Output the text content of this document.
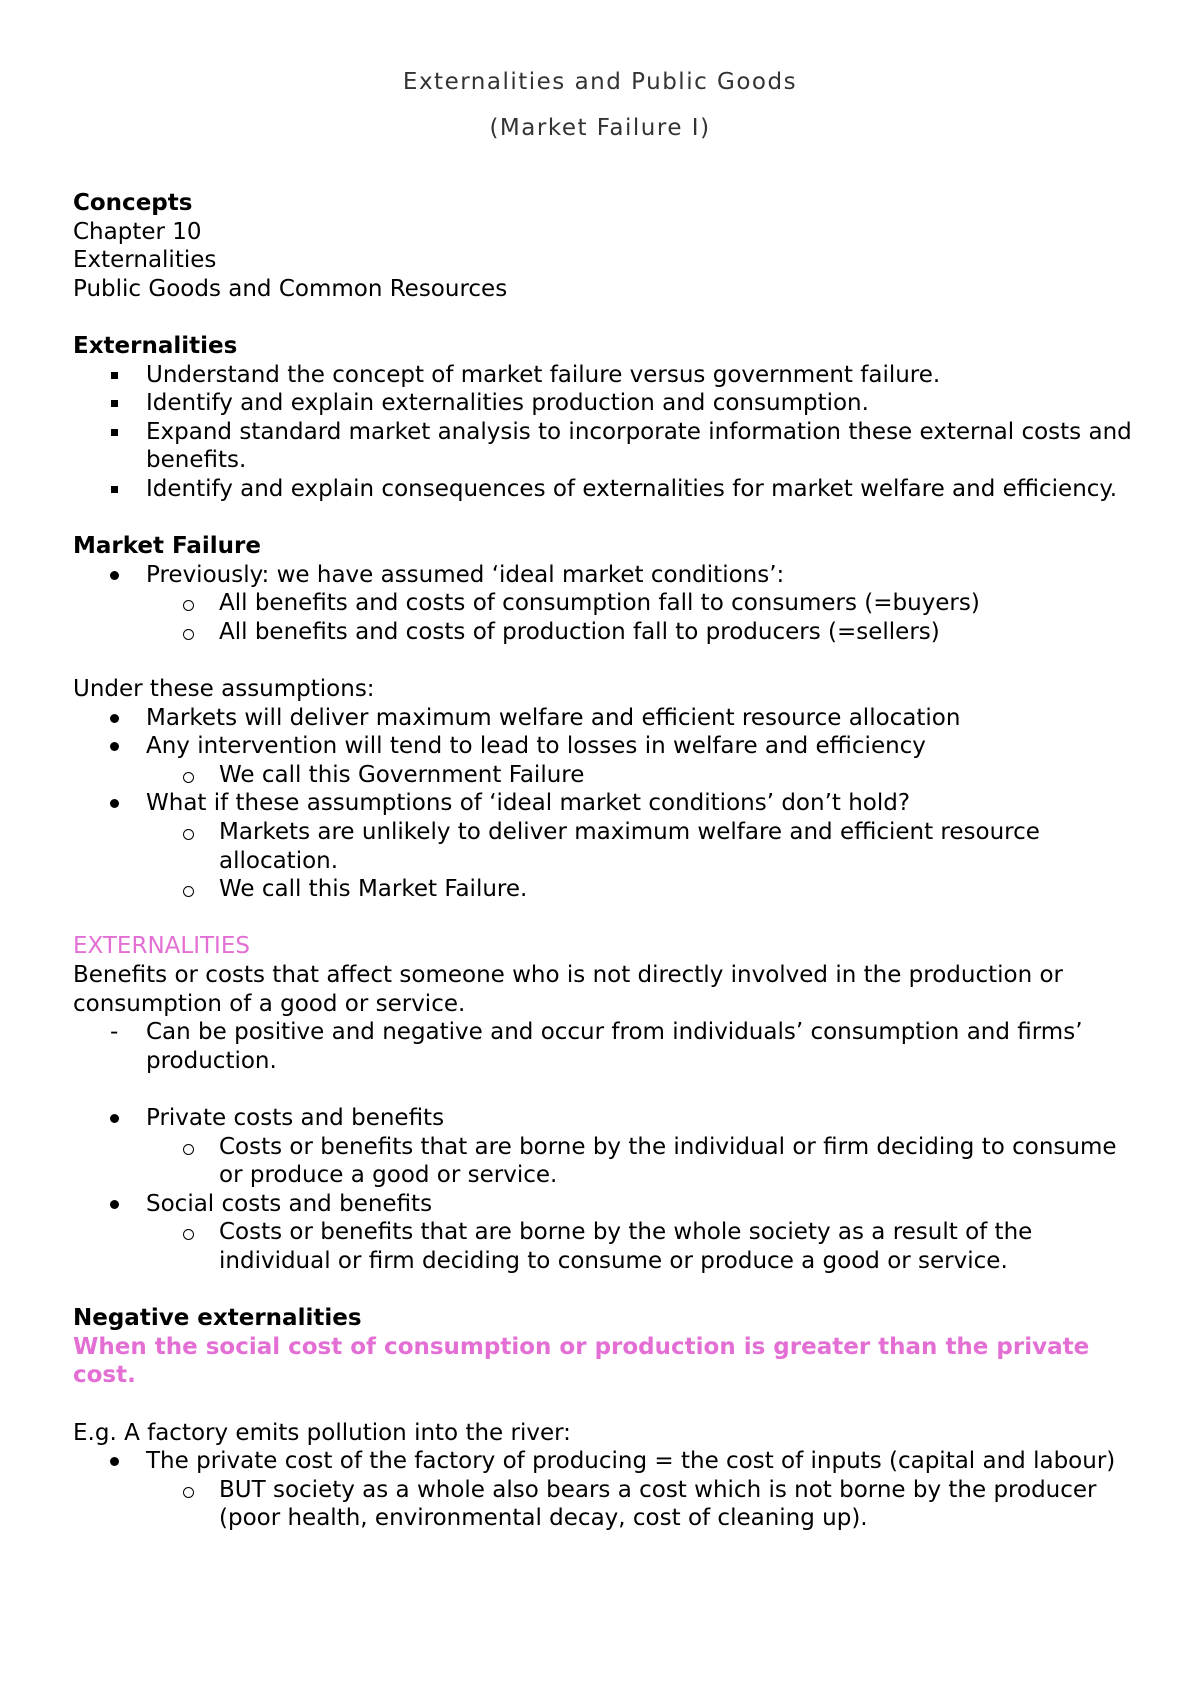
Externalities and Public Goods
(Market Failure I)

Concepts

Chapter 10

Externalities

Public Goods and Common Resources

Externalities

Understand the concept of market failure versus government failure.
Identify and explain externalities production and consumption.
Expand standard market analysis to incorporate information these external costs and benefits.
Identify and explain consequences of externalities for market welfare and efficiency.

Market Failure

Previously: we have assumed ‘ideal market conditions’:
All benefits and costs of consumption fall to consumers (=buyers)
All benefits and costs of production fall to producers (=sellers)

Under these assumptions:

Markets will deliver maximum welfare and efficient resource allocation
Any intervention will tend to lead to losses in welfare and efficiency
We call this Government Failure
What if these assumptions of ‘ideal market conditions’ don’t hold?
Markets are unlikely to deliver maximum welfare and efficient resource allocation.
We call this Market Failure.

EXTERNALITIES

Benefits or costs that affect someone who is not directly involved in the production or consumption of a good or service.

- Can be positive and negative and occur from individuals’ consumption and firms’ production.
Private costs and benefits
Costs or benefits that are borne by the individual or firm deciding to consume or produce a good or service.
Social costs and benefits
Costs or benefits that are borne by the whole society as a result of the individual or firm deciding to consume or produce a good or service.

Negative externalities

When the social cost of consumption or production is greater than the private cost.

E.g. A factory emits pollution into the river:

The private cost of the factory of producing = the cost of inputs (capital and labour)
BUT society as a whole also bears a cost which is not borne by the producer (poor health, environmental decay, cost of cleaning up).
